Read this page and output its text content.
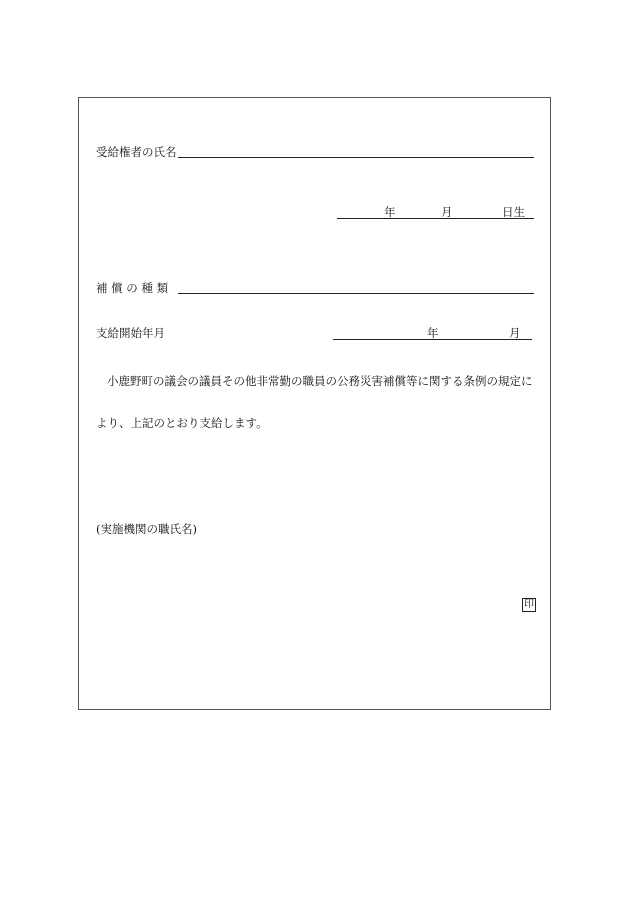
受給権者の氏名
年	月	日生
補 償 の 種 類
支給開始年月	年	月
小鹿野町の議会の議員その他非常勤の職員の公務災害補償等に関する条例の規定に
より、上記のとおり支給します。
(実施機関の職氏名)
印
